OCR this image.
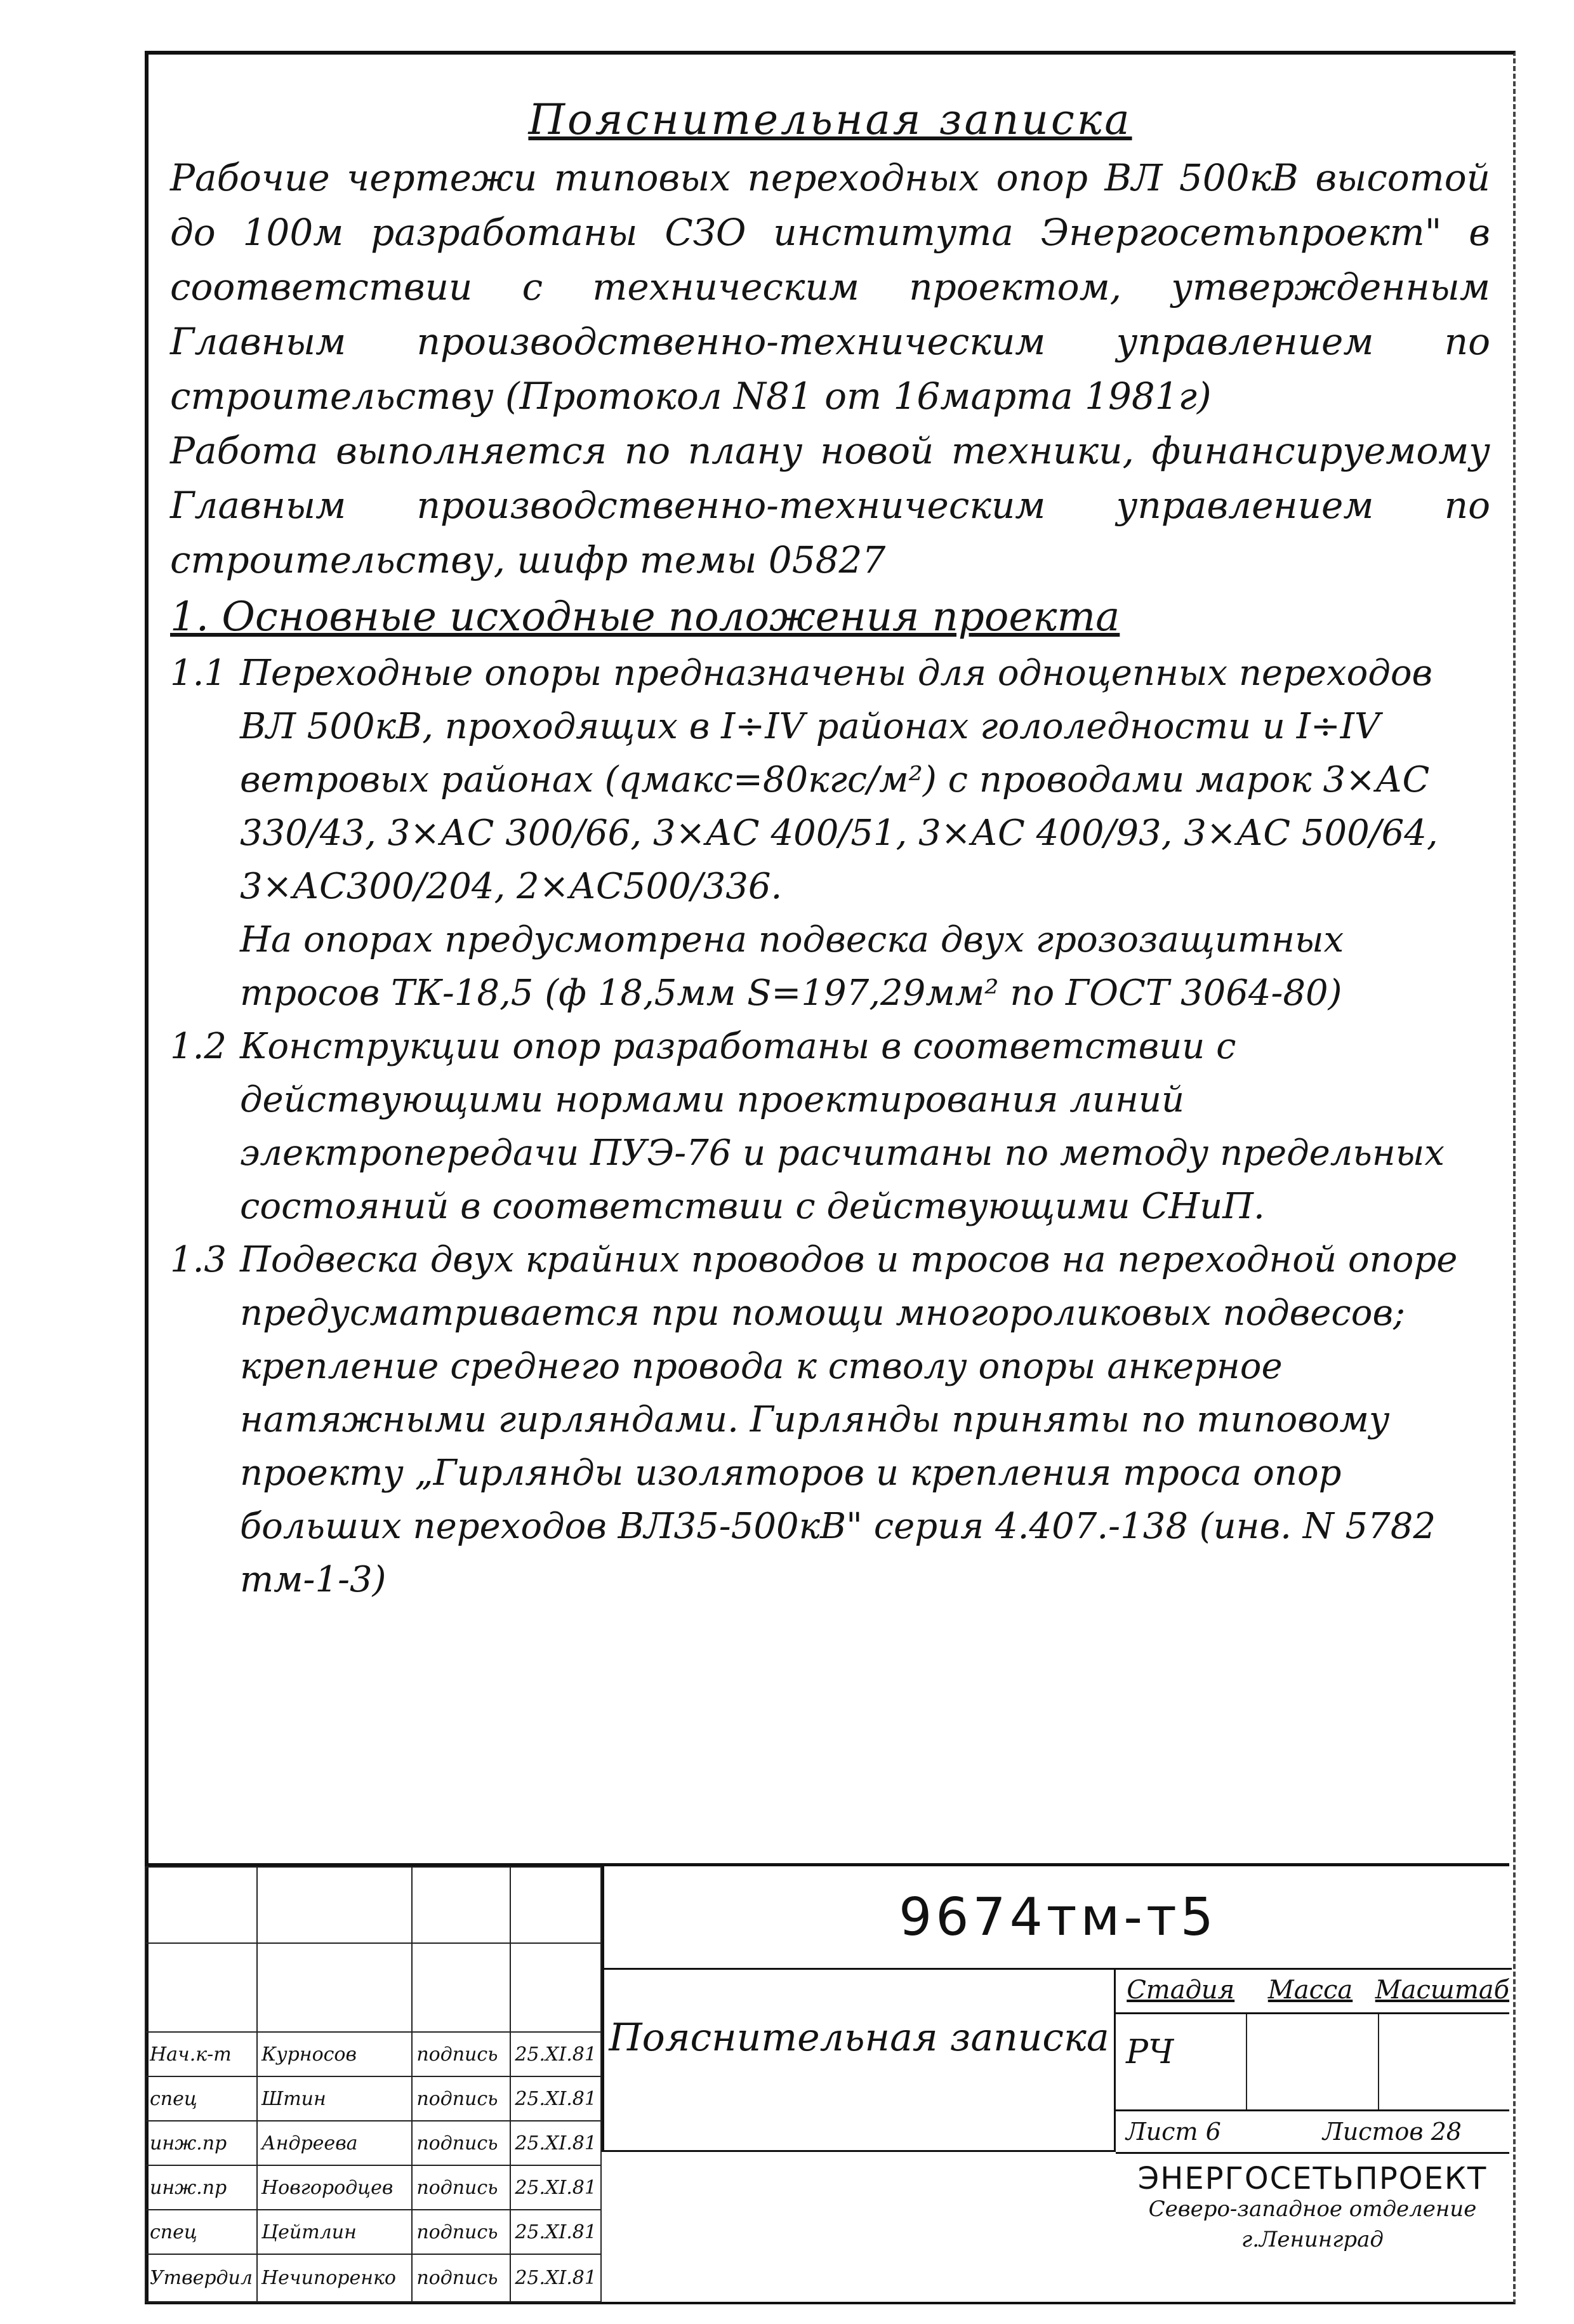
Пояснительная записка

Рабочие чертежи типовых переходных опор ВЛ 500кВ высотой до 100м разработаны СЗО института Энергосетьпроект" в соответствии с техническим проектом, утвержденным Главным производственно-техническим управлением по строительству (Протокол N81 от 16марта 1981г)

Работа выполняется по плану новой техники, финансируемому Главным производственно-техническим управлением по строительству, шифр темы 05827

1. Основные исходные положения проекта
1.1 Переходные опоры предназначены для одноцепных переходов ВЛ 500кВ, проходящих в I÷IV районах гололедности и I÷IV ветровых районах (qмакс=80кгс/м²) с проводами марок 3×АС 330/43, 3×АС 300/66, 3×АС 400/51, 3×АС 400/93, 3×АС 500/64, 3×АС300/204, 2×АС500/336.
На опорах предусмотрена подвеска двух грозозащитных тросов ТК-18,5 (ф 18,5мм S=197,29мм² по ГОСТ 3064-80)
1.2 Конструкции опор разработаны в соответствии с действующими нормами проектирования линий электропередачи ПУЭ-76 и расчитаны по методу предельных состояний в соответствии с действующими СНиП.
1.3 Подвеска двух крайних проводов и тросов на переходной опоре предусматривается при помощи многороликовых подвесов; крепление среднего провода к стволу опоры анкерное натяжными гирляндами. Гирлянды приняты по типовому проекту „Гирлянды изоляторов и крепления троса опор больших переходов ВЛ35-500кВ" серия 4.407.-138 (инв. N 5782 тм-1-3)

Нач.к-т	Курносов	подпись	25.XI.81
спец	Штин	подпись	25.XI.81
инж.пр	Андреева	подпись	25.XI.81
инж.пр	Новгородцев	подпись	25.XI.81
спец	Цейтлин	подпись	25.XI.81
Утвердил	Нечипоренко	подпись	25.XI.81
9674тм-т5
Пояснительная записка
Стадия	Масса Масштаб
РЧ
Лист 6	Листов 28
ЭНЕРГОСЕТЬПРОЕКТ
Северо-западное отделение
г.Ленинград
